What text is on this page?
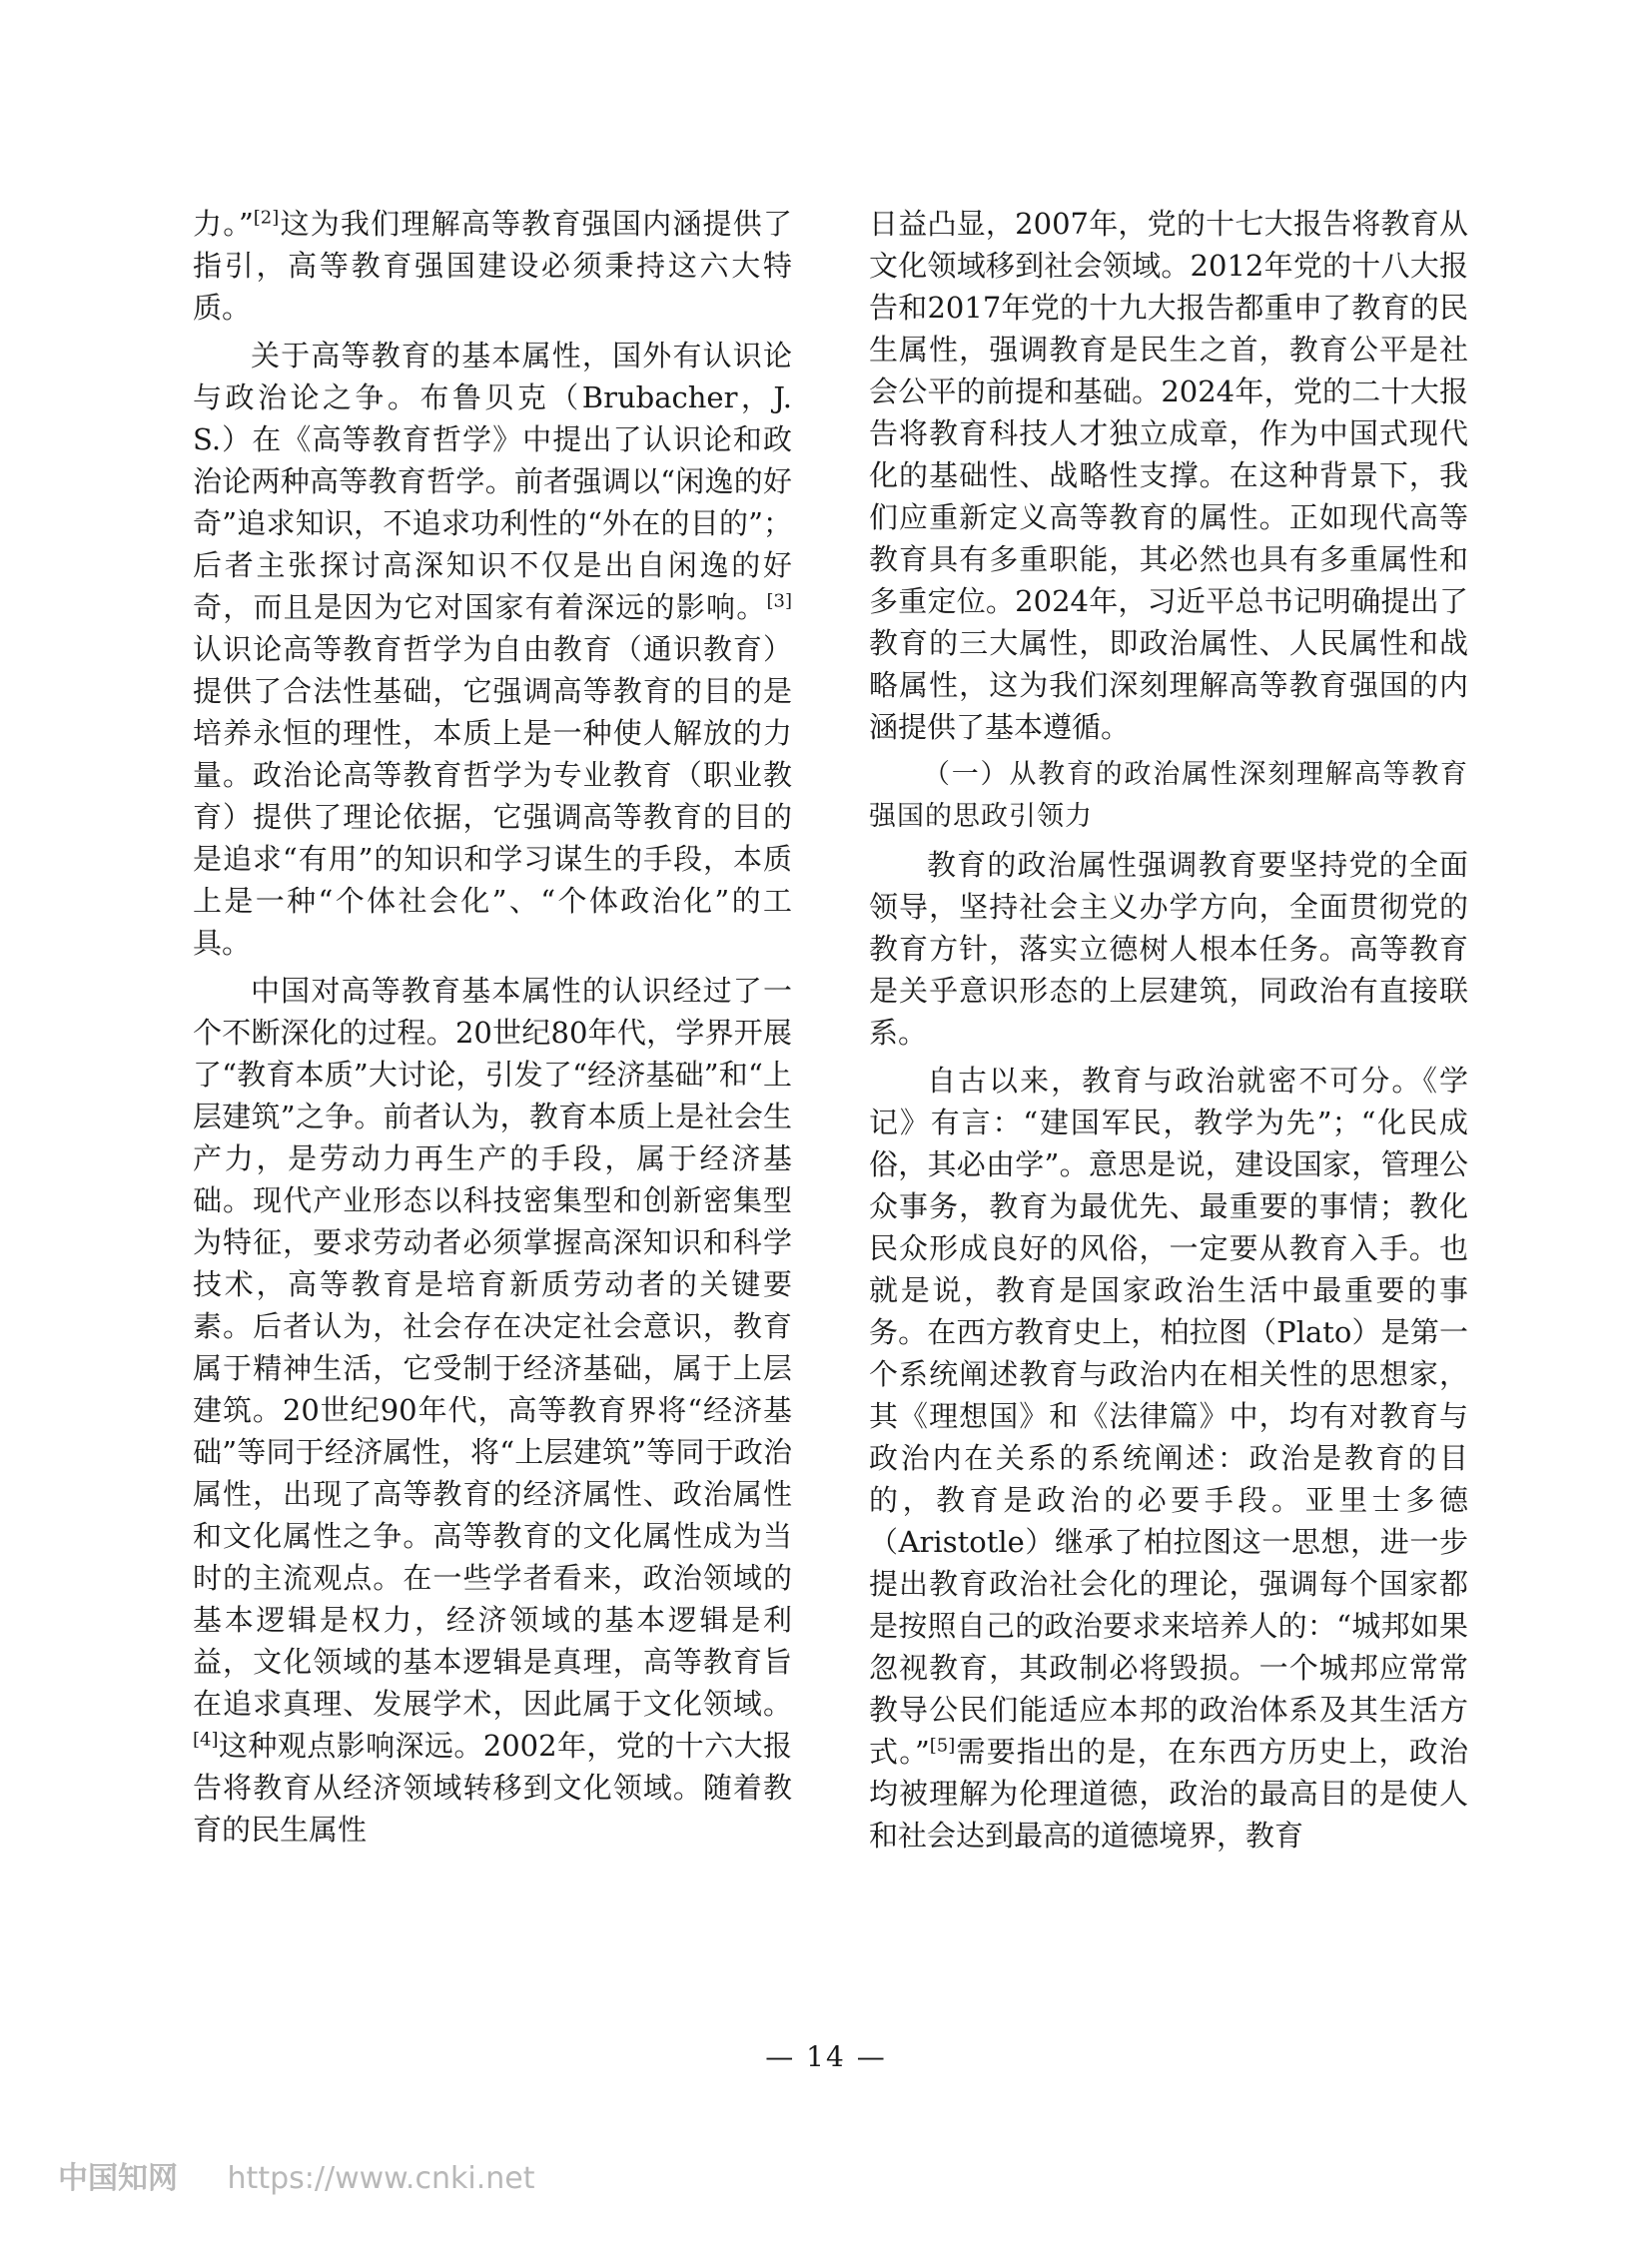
力。”[2]这为我们理解高等教育强国内涵提供了指引，高等教育强国建设必须秉持这六大特质。

关于高等教育的基本属性，国外有认识论与政治论之争。布鲁贝克（Brubacher，J. S.）在《高等教育哲学》中提出了认识论和政治论两种高等教育哲学。前者强调以“闲逸的好奇”追求知识，不追求功利性的“外在的目的”；后者主张探讨高深知识不仅是出自闲逸的好奇，而且是因为它对国家有着深远的影响。[3]认识论高等教育哲学为自由教育（通识教育）提供了合法性基础，它强调高等教育的目的是培养永恒的理性，本质上是一种使人解放的力量。政治论高等教育哲学为专业教育（职业教育）提供了理论依据，它强调高等教育的目的是追求“有用”的知识和学习谋生的手段，本质上是一种“个体社会化”、“个体政治化”的工具。

中国对高等教育基本属性的认识经过了一个不断深化的过程。20世纪80年代，学界开展了“教育本质”大讨论，引发了“经济基础”和“上层建筑”之争。前者认为，教育本质上是社会生产力，是劳动力再生产的手段，属于经济基础。现代产业形态以科技密集型和创新密集型为特征，要求劳动者必须掌握高深知识和科学技术，高等教育是培育新质劳动者的关键要素。后者认为，社会存在决定社会意识，教育属于精神生活，它受制于经济基础，属于上层建筑。20世纪90年代，高等教育界将“经济基础”等同于经济属性，将“上层建筑”等同于政治属性，出现了高等教育的经济属性、政治属性和文化属性之争。高等教育的文化属性成为当时的主流观点。在一些学者看来，政治领域的基本逻辑是权力，经济领域的基本逻辑是利益，文化领域的基本逻辑是真理，高等教育旨在追求真理、发展学术，因此属于文化领域。[4]这种观点影响深远。2002年，党的十六大报告将教育从经济领域转移到文化领域。随着教育的民生属性

日益凸显，2007年，党的十七大报告将教育从文化领域移到社会领域。2012年党的十八大报告和2017年党的十九大报告都重申了教育的民生属性，强调教育是民生之首，教育公平是社会公平的前提和基础。2024年，党的二十大报告将教育科技人才独立成章，作为中国式现代化的基础性、战略性支撑。在这种背景下，我们应重新定义高等教育的属性。正如现代高等教育具有多重职能，其必然也具有多重属性和多重定位。2024年，习近平总书记明确提出了教育的三大属性，即政治属性、人民属性和战略属性，这为我们深刻理解高等教育强国的内涵提供了基本遵循。

（一）从教育的政治属性深刻理解高等教育强国的思政引领力

教育的政治属性强调教育要坚持党的全面领导，坚持社会主义办学方向，全面贯彻党的教育方针，落实立德树人根本任务。高等教育是关乎意识形态的上层建筑，同政治有直接联系。

自古以来，教育与政治就密不可分。《学记》有言：“建国军民，教学为先”；“化民成俗，其必由学”。意思是说，建设国家，管理公众事务，教育为最优先、最重要的事情；教化民众形成良好的风俗，一定要从教育入手。也就是说，教育是国家政治生活中最重要的事务。在西方教育史上，柏拉图（Plato）是第一个系统阐述教育与政治内在相关性的思想家，其《理想国》和《法律篇》中，均有对教育与政治内在关系的系统阐述：政治是教育的目的，教育是政治的必要手段。亚里士多德（Aristotle）继承了柏拉图这一思想，进一步提出教育政治社会化的理论，强调每个国家都是按照自己的政治要求来培养人的：“城邦如果忽视教育，其政制必将毁损。一个城邦应常常教导公民们能适应本邦的政治体系及其生活方式。”[5]需要指出的是，在东西方历史上，政治均被理解为伦理道德，政治的最高目的是使人和社会达到最高的道德境界，教育

— 14 —
中国知网 https://www.cnki.net
